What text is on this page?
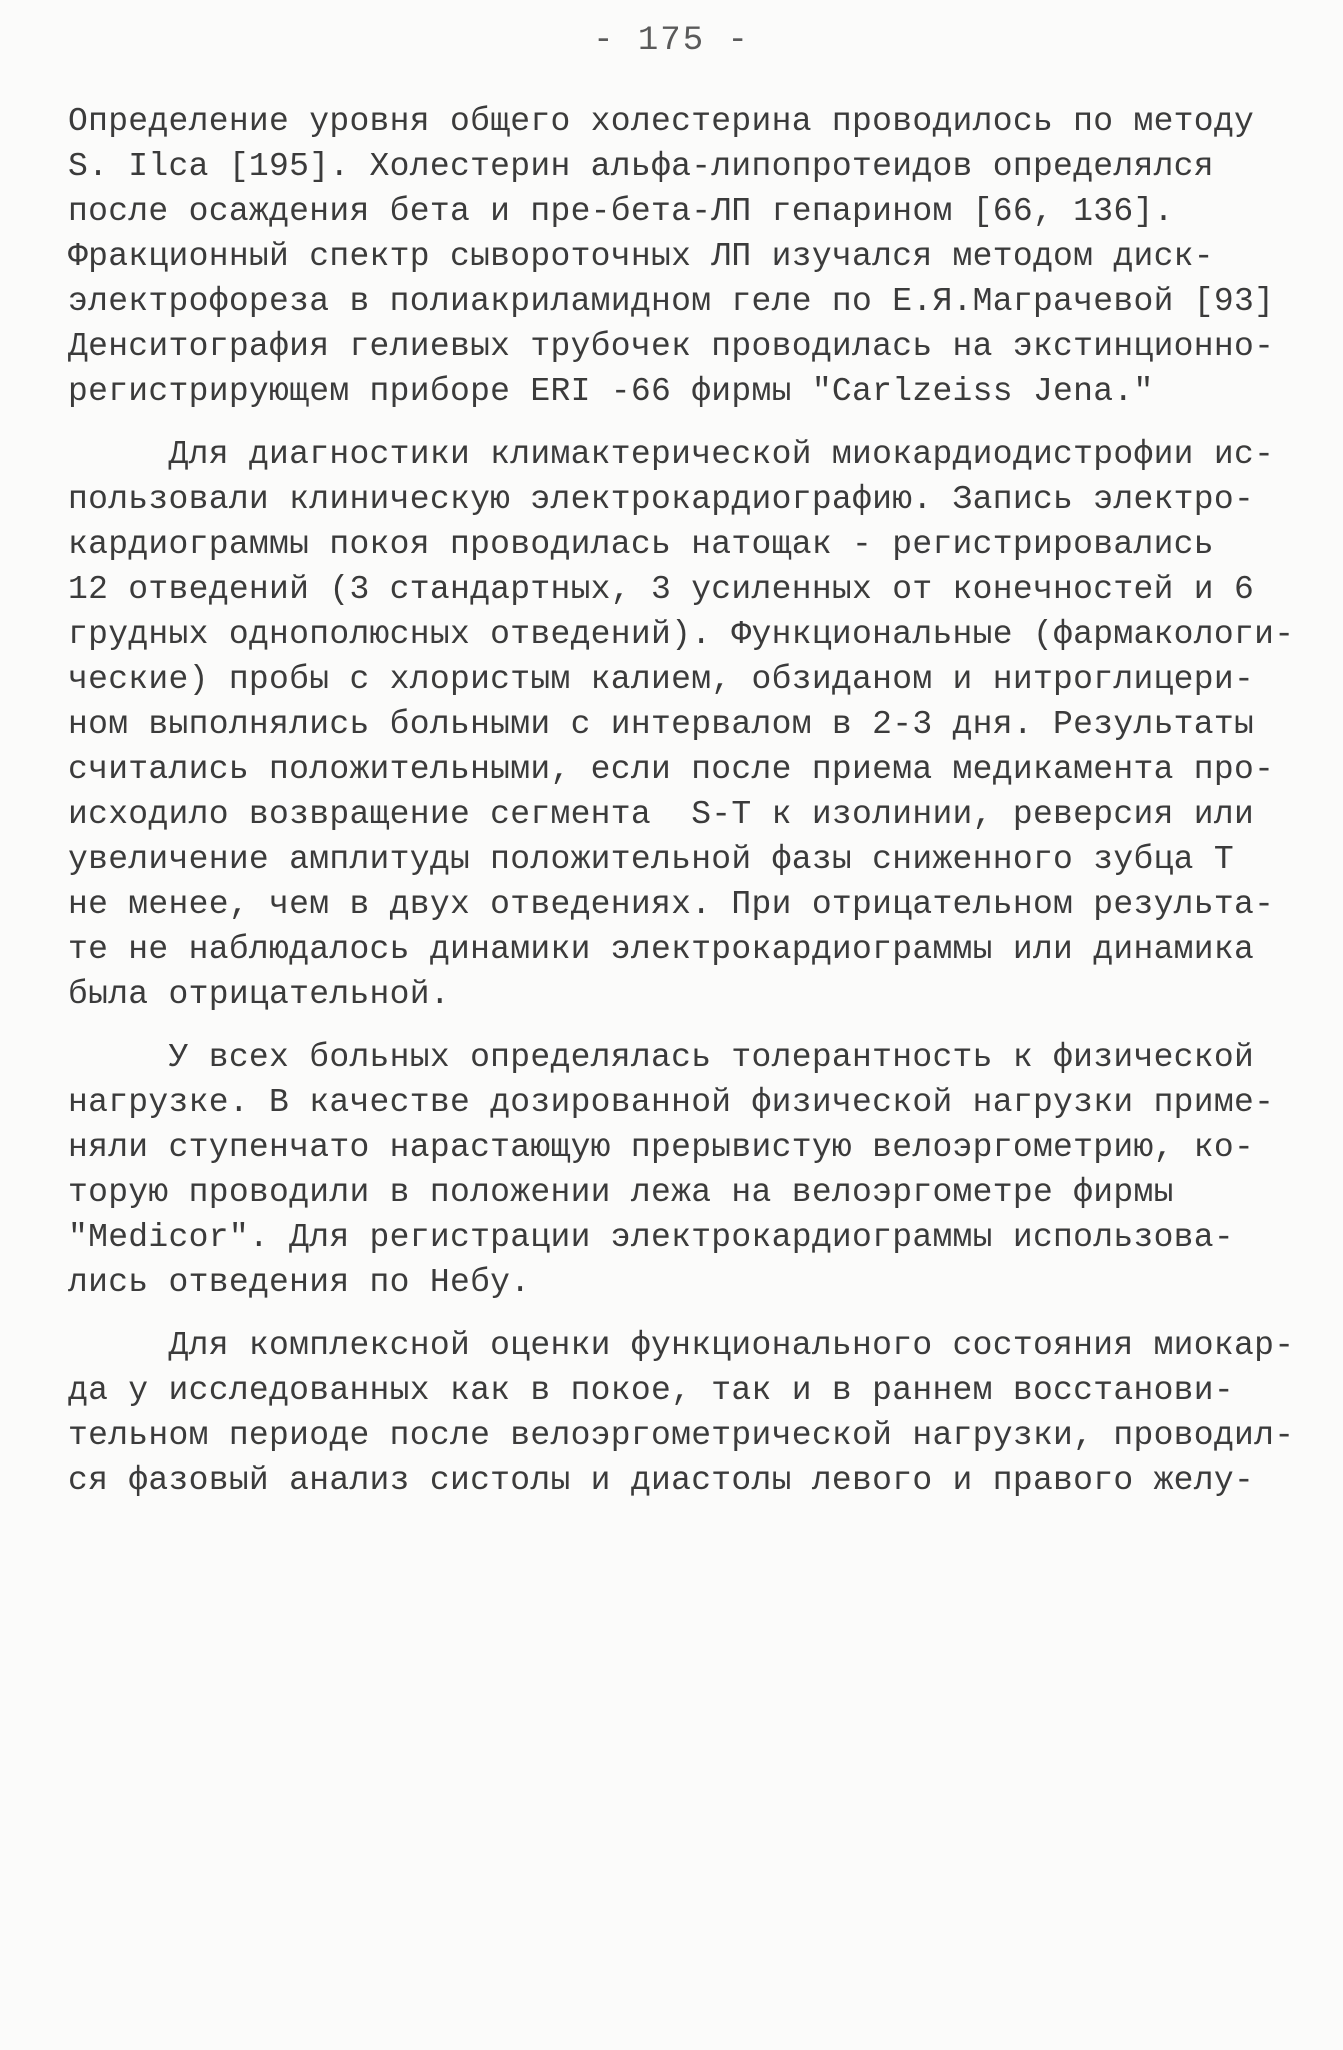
- 175 -
Определение уровня общего холестерина проводилось по методу
S. Ilca [195]. Холестерин альфа-липопротеидов определялся
после осаждения бета и пре-бета-ЛП гепарином [66, 136].
Фракционный спектр сывороточных ЛП изучался методом диск-
электрофореза в полиакриламидном геле по Е.Я.Маграчевой [93]
Денситография гелиевых трубочек проводилась на экстинционно-
регистрирующем приборе ERI -66 фирмы "Carlzeiss Jena."
Для диагностики климактерической миокардиодистрофии ис-
пользовали клиническую электрокардиографию. Запись электро-
кардиограммы покоя проводилась натощак - регистрировались
12 отведений (3 стандартных, 3 усиленных от конечностей и 6
грудных однополюсных отведений). Функциональные (фармакологи-
ческие) пробы с хлористым калием, обзиданом и нитроглицери-
ном выполнялись больными с интервалом в 2-3 дня. Результаты
считались положительными, если после приема медикамента про-
исходило возвращение сегмента  S-T к изолинии, реверсия или
увеличение амплитуды положительной фазы сниженного зубца Т
не менее, чем в двух отведениях. При отрицательном результа-
те не наблюдалось динамики электрокардиограммы или динамика
была отрицательной.
У всех больных определялась толерантность к физической
нагрузке. В качестве дозированной физической нагрузки приме-
няли ступенчато нарастающую прерывистую велоэргометрию, ко-
торую проводили в положении лежа на велоэргометре фирмы
"Medicor". Для регистрации электрокардиограммы использова-
лись отведения по Небу.
Для комплексной оценки функционального состояния миокар-
да у исследованных как в покое, так и в раннем восстанови-
тельном периоде после велоэргометрической нагрузки, проводил-
ся фазовый анализ систолы и диастолы левого и правого желу-
